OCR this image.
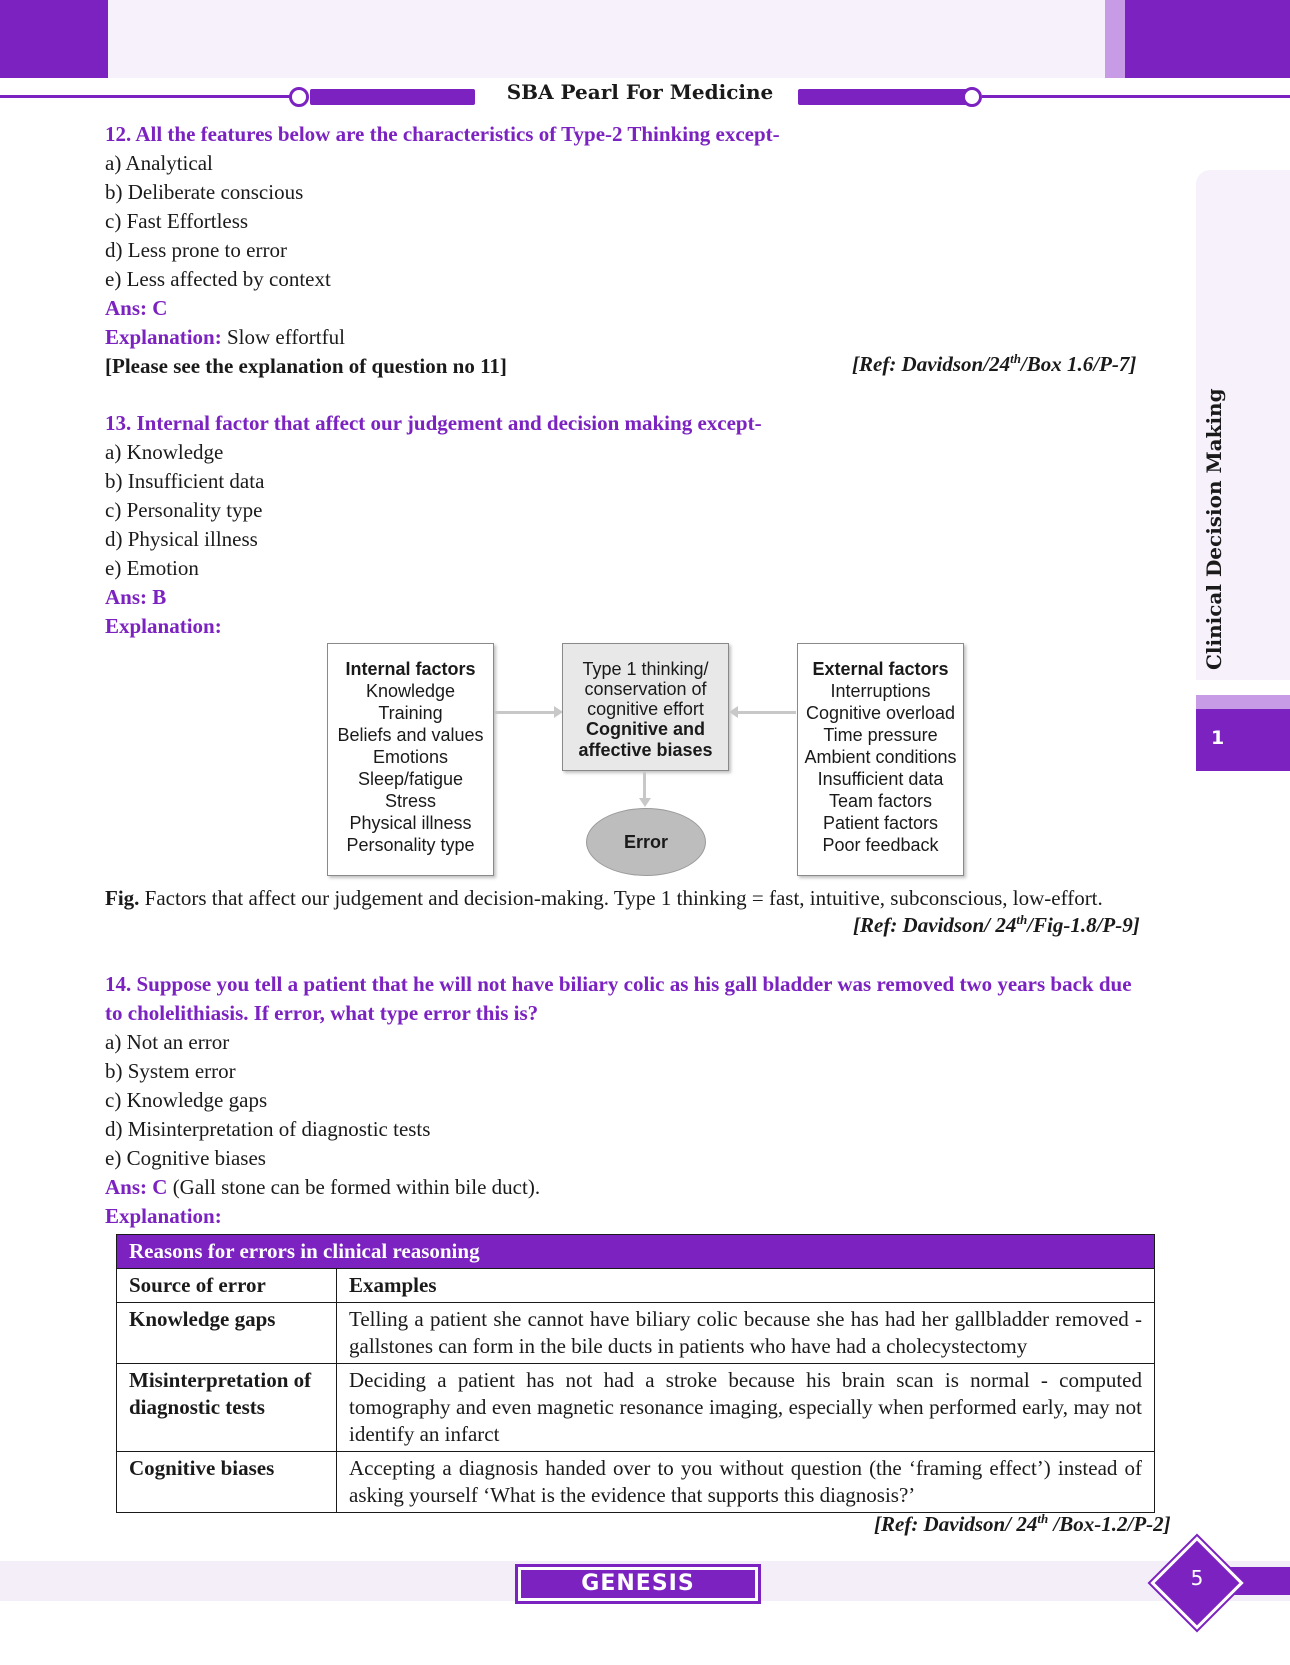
SBA Pearl For Medicine
Clinical Decision Making
1
12. All the features below are the characteristics of Type-2 Thinking except-
a) Analytical
b) Deliberate conscious
c) Fast Effortless
d) Less prone to error
e) Less affected by context
Ans: C
Explanation: Slow effortful
[Please see the explanation of question no 11]	[Ref: Davidson/24th/Box 1.6/P-7]
13. Internal factor that affect our judgement and decision making except-
a) Knowledge
b) Insufficient data
c) Personality type
d) Physical illness
e) Emotion
Ans: B
Explanation:
Internal factors
Knowledge
Training
Beliefs and values
Emotions
Sleep/fatigue
Stress
Physical illness
Personality type
Type 1 thinking/
conservation of
cognitive effort
Cognitive and
affective biases
Error
External factors
Interruptions
Cognitive overload
Time pressure
Ambient conditions
Insufficient data
Team factors
Patient factors
Poor feedback
Fig. Factors that affect our judgement and decision-making. Type 1 thinking = fast, intuitive, subconscious, low-effort.
[Ref: Davidson/ 24th/Fig-1.8/P-9]
14. Suppose you tell a patient that he will not have biliary colic as his gall bladder was removed two years back due
to cholelithiasis. If error, what type error this is?
a) Not an error
b) System error
c) Knowledge gaps
d) Misinterpretation of diagnostic tests
e) Cognitive biases
Ans: C (Gall stone can be formed within bile duct).
Explanation:
Reasons for errors in clinical reasoning	
Source of error	Examples
Knowledge gaps	Telling a patient she cannot have biliary colic because she has had her gallbladder removed - gallstones can form in the bile ducts in patients who have had a cholecystectomy
Misinterpretation of diagnostic tests	Deciding a patient has not had a stroke because his brain scan is normal - computed tomography and even magnetic resonance imaging, especially when performed early, may not identify an infarct
Cognitive biases	Accepting a diagnosis handed over to you without question (the ‘framing effect’) instead of asking yourself ‘What is the evidence that supports this diagnosis?’
[Ref: Davidson/ 24th /Box-1.2/P-2]
GENESIS	5
